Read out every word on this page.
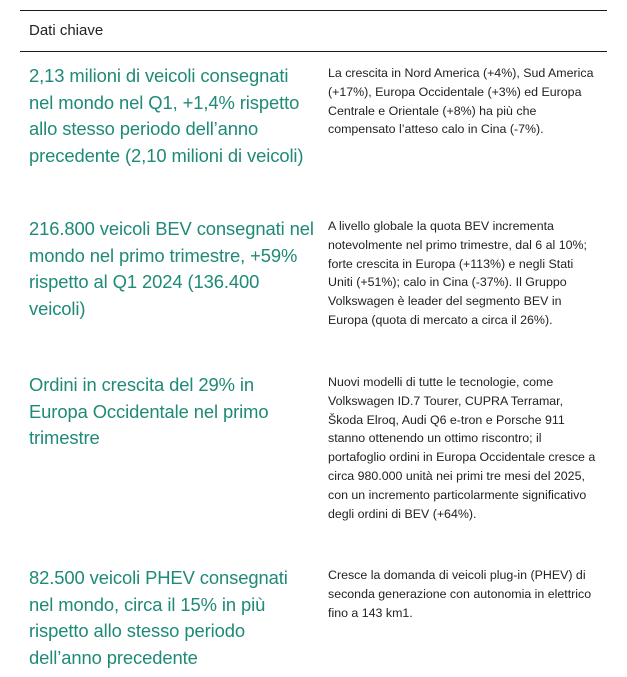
Dati chiave
2,13 milioni di veicoli consegnati nel mondo nel Q1, +1,4% rispetto allo stesso periodo dell’anno precedente (2,10 milioni di veicoli)
La crescita in Nord America (+4%), Sud America (+17%), Europa Occidentale (+3%) ed Europa Centrale e Orientale (+8%) ha più che compensato l’atteso calo in Cina (-7%).
216.800 veicoli BEV consegnati nel mondo nel primo trimestre, +59% rispetto al Q1 2024 (136.400 veicoli)
A livello globale la quota BEV incrementa notevolmente nel primo trimestre, dal 6 al 10%; forte crescita in Europa (+113%) e negli Stati Uniti (+51%); calo in Cina (-37%). Il Gruppo Volkswagen è leader del segmento BEV in Europa (quota di mercato a circa il 26%).
Ordini in crescita del 29% in Europa Occidentale nel primo trimestre
Nuovi modelli di tutte le tecnologie, come Volkswagen ID.7 Tourer, CUPRA Terramar, Škoda Elroq, Audi Q6 e-tron e Porsche 911 stanno ottenendo un ottimo riscontro; il portafoglio ordini in Europa Occidentale cresce a circa 980.000 unità nei primi tre mesi del 2025, con un incremento particolarmente significativo degli ordini di BEV (+64%).
82.500 veicoli PHEV consegnati nel mondo, circa il 15% in più rispetto allo stesso periodo dell’anno precedente
Cresce la domanda di veicoli plug-in (PHEV) di seconda generazione con autonomia in elettrico fino a 143 km1.
